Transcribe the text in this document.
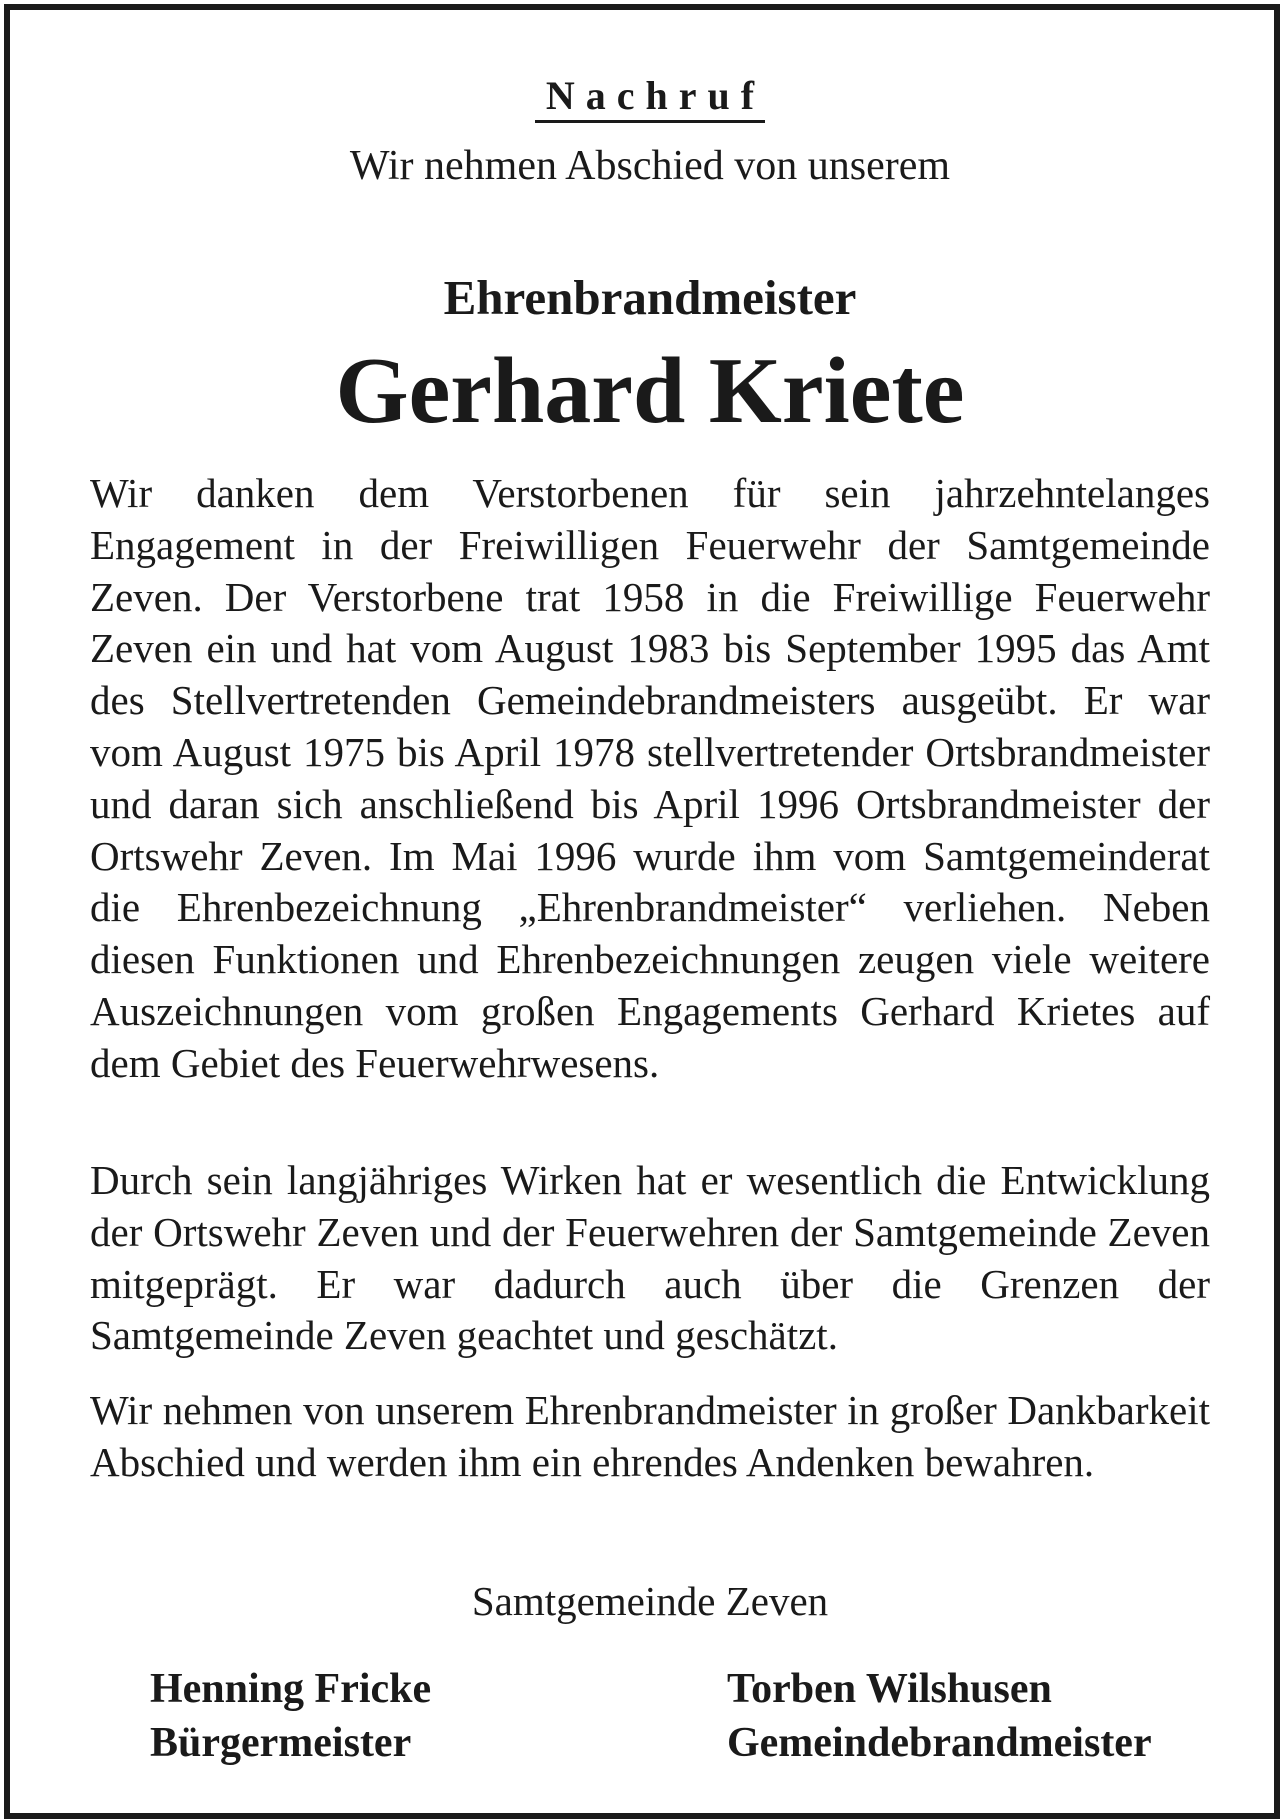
Nachruf
Wir nehmen Abschied von unserem
Ehrenbrandmeister
Gerhard Kriete

Wir danken dem Verstorbenen für sein jahrzehntelanges Engagement in der Freiwilligen Feuerwehr der Samtgemeinde Zeven. Der Verstorbene trat 1958 in die Freiwillige Feuerwehr Zeven ein und hat vom August 1983 bis September 1995 das Amt des Stellvertretenden Gemeindebrandmeisters ausgeübt. Er war vom August 1975 bis April 1978 stellvertretender Ortsbrandmeister und daran sich anschließend bis April 1996 Ortsbrandmeister der Ortswehr Zeven. Im Mai 1996 wurde ihm vom Samtgemeinderat die Ehrenbezeichnung „Ehrenbrandmeister“ verliehen. Neben diesen Funktionen und Ehrenbezeichnungen zeugen viele weitere Auszeichnungen vom großen Engagements Gerhard Krietes auf dem Gebiet des Feuerwehrwesens.

Durch sein langjähriges Wirken hat er wesentlich die Entwicklung der Ortswehr Zeven und der Feuerwehren der Samtgemeinde Zeven mitgeprägt. Er war dadurch auch über die Grenzen der Samtgemeinde Zeven geachtet und geschätzt.

Wir nehmen von unserem Ehrenbrandmeister in großer Dankbarkeit Abschied und werden ihm ein ehrendes Andenken bewahren.

Samtgemeinde Zeven
Henning Fricke
Bürgermeister
Torben Wilshusen
Gemeindebrandmeister
